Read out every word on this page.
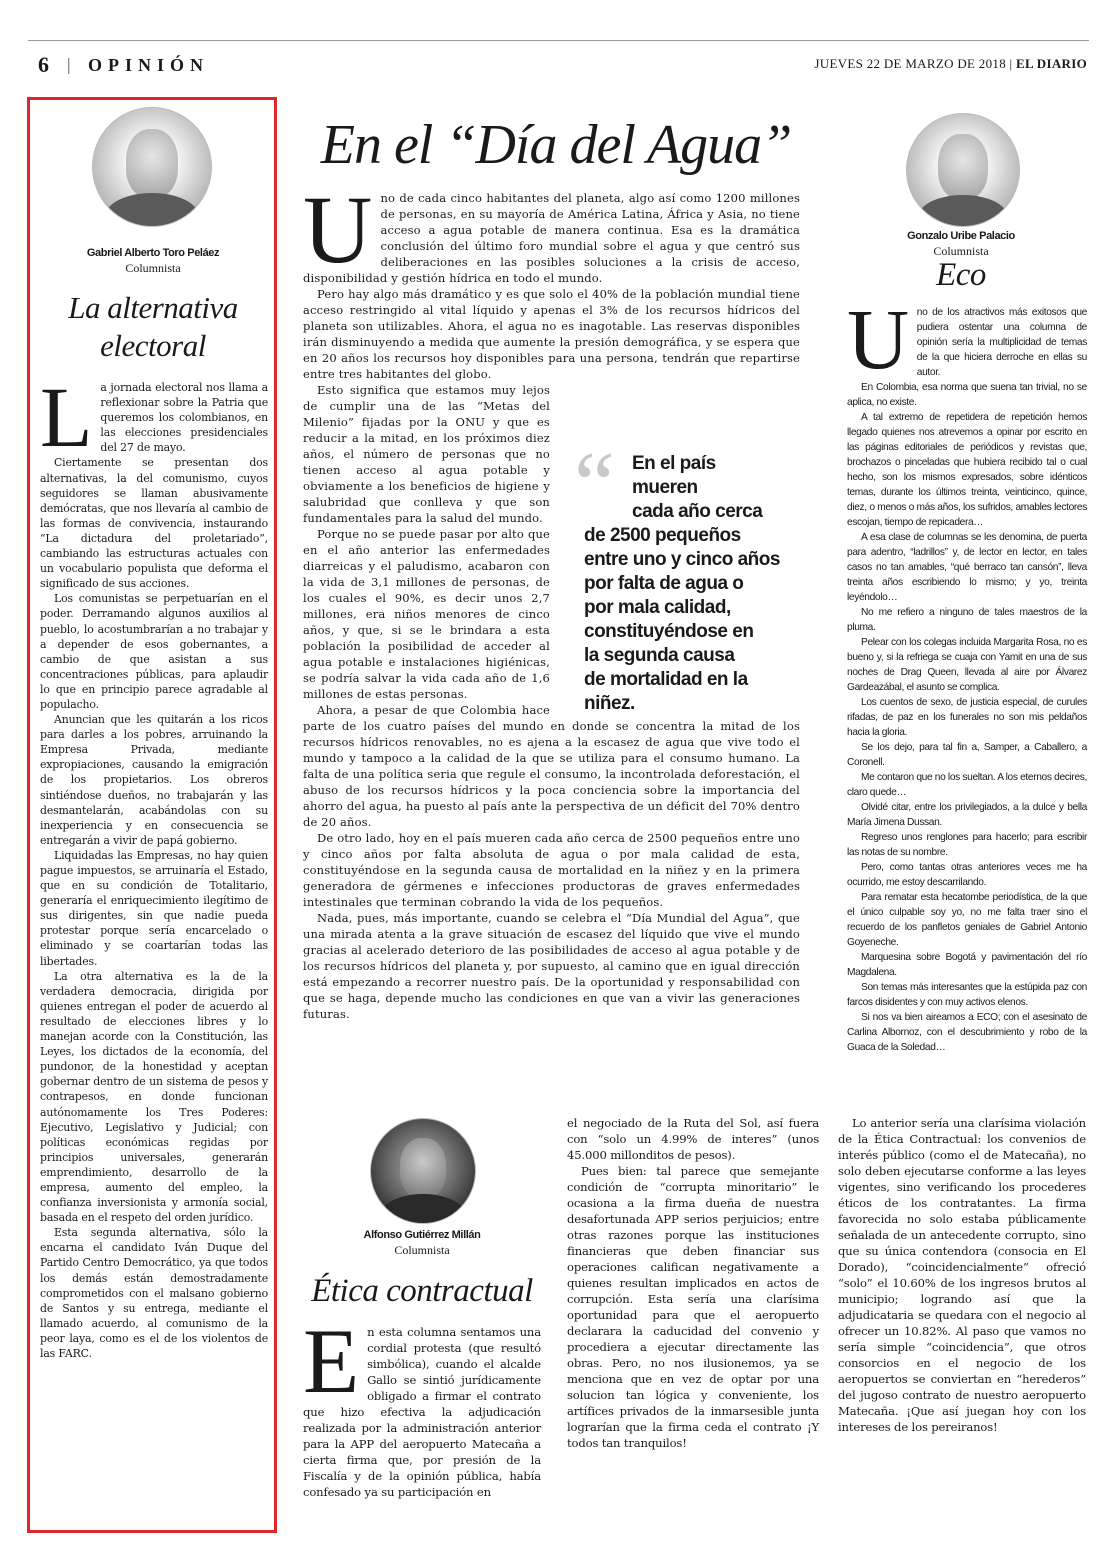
6 | OPINIÓN	JUEVES 22 DE MARZO DE 2018 | EL DIARIO
Gabriel Alberto Toro Peláez
Columnista
La alternativa
electoral

La jornada electoral nos llama a reflexionar sobre la Patria que queremos los colombianos, en las elecciones presidenciales del 27 de mayo.

Ciertamente se presentan dos alternativas, la del comunismo, cuyos seguidores se llaman abusivamente demócratas, que nos llevaría al cambio de las formas de convivencia, instaurando “La dictadura del proletariado”, cambiando las estructuras actuales con un vocabulario populista que deforma el significado de sus acciones.

Los comunistas se perpetuarían en el poder. Derramando algunos auxilios al pueblo, lo acostumbrarían a no trabajar y a depender de esos gobernantes, a cambio de que asistan a sus concentraciones públicas, para aplaudir lo que en principio parece agradable al populacho.

Anuncian que les quitarán a los ricos para darles a los pobres, arruinando la Empresa Privada, mediante expropiaciones, causando la emigración de los propietarios. Los obreros sintiéndose dueños, no trabajarán y las desmantelarán, acabándolas con su inexperiencia y en consecuencia se entregarán a vivir de papá gobierno.

Liquidadas las Empresas, no hay quien pague impuestos, se arruinaría el Estado, que en su condición de Totalitario, generaría el enriquecimiento ilegítimo de sus dirigentes, sin que nadie pueda protestar porque sería encarcelado o eliminado y se coartarían todas las libertades.

La otra alternativa es la de la verdadera democracia, dirigida por quienes entregan el poder de acuerdo al resultado de elecciones libres y lo manejan acorde con la Constitución, las Leyes, los dictados de la economía, del pundonor, de la honestidad y aceptan gobernar dentro de un sistema de pesos y contrapesos, en donde funcionan autónomamente los Tres Poderes: Ejecutivo, Legislativo y Judicial; con políticas económicas regidas por principios universales, generarán emprendimiento, desarrollo de la empresa, aumento del empleo, la confianza inversionista y armonía social, basada en el respeto del orden jurídico.

Esta segunda alternativa, sólo la encarna el candidato Iván Duque del Partido Centro Democrático, ya que todos los demás están demostradamente comprometidos con el malsano gobierno de Santos y su entrega, mediante el llamado acuerdo, al comunismo de la peor laya, como es el de los violentos de las FARC.

En el “Día del Agua”
“ En el país mueren
cada año cerca
de 2500 pequeños
entre uno y cinco años
por falta de agua o
por mala calidad,
constituyéndose en
la segunda causa
de mortalidad en la
niñez.

Uno de cada cinco habitantes del planeta, algo así como 1200 millones de personas, en su mayoría de América Latina, África y Asia, no tiene acceso a agua potable de manera continua. Esa es la dramática conclusión del último foro mundial sobre el agua y que centró sus deliberaciones en las posibles soluciones a la crisis de acceso, disponibilidad y gestión hídrica en todo el mundo.

Pero hay algo más dramático y es que solo el 40% de la población mundial tiene acceso restringido al vital líquido y apenas el 3% de los recursos hídricos del planeta son utilizables. Ahora, el agua no es inagotable. Las reservas disponibles irán disminuyendo a medida que aumente la presión demográfica, y se espera que en 20 años los recursos hoy disponibles para una persona, tendrán que repartirse entre tres habitantes del globo.

Esto significa que estamos muy lejos de cumplir una de las “Metas del Milenio” fijadas por la ONU y que es reducir a la mitad, en los próximos diez años, el número de personas que no tienen acceso al agua potable y obviamente a los beneficios de higiene y salubridad que conlleva y que son fundamentales para la salud del mundo.

Porque no se puede pasar por alto que en el año anterior las enfermedades diarreicas y el paludismo, acabaron con la vida de 3,1 millones de personas, de los cuales el 90%, es decir unos 2,7 millones, era niños menores de cinco años, y que, si se le brindara a esta población la posibilidad de acceder al agua potable e instalaciones higiénicas, se podría salvar la vida cada año de 1,6 millones de estas personas.

Ahora, a pesar de que Colombia hace parte de los cuatro países del mundo en donde se concentra la mitad de los recursos hídricos renovables, no es ajena a la escasez de agua que vive todo el mundo y tampoco a la calidad de la que se utiliza para el consumo humano. La falta de una política seria que regule el consumo, la incontrolada deforestación, el abuso de los recursos hídricos y la poca conciencia sobre la importancia del ahorro del agua, ha puesto al país ante la perspectiva de un déficit del 70% dentro de 20 años.

De otro lado, hoy en el país mueren cada año cerca de 2500 pequeños entre uno y cinco años por falta absoluta de agua o por mala calidad de esta, constituyéndose en la segunda causa de mortalidad en la niñez y en la primera generadora de gérmenes e infecciones productoras de graves enfermedades intestinales que terminan cobrando la vida de los pequeños.

Nada, pues, más importante, cuando se celebra el “Día Mundial del Agua”, que una mirada atenta a la grave situación de escasez del líquido que vive el mundo gracias al acelerado deterioro de las posibilidades de acceso al agua potable y de los recursos hídricos del planeta y, por supuesto, al camino que en igual dirección está empezando a recorrer nuestro país. De la oportunidad y responsabilidad con que se haga, depende mucho las condiciones en que van a vivir las generaciones futuras.

Gonzalo Uribe Palacio
Columnista
Eco

Uno de los atractivos más exitosos que pudiera ostentar una columna de opinión sería la multiplicidad de temas de la que hiciera derroche en ellas su autor.

En Colombia, esa norma que suena tan trivial, no se aplica, no existe.

A tal extremo de repetidera de repetición hemos llegado quienes nos atrevemos a opinar por escrito en las páginas editoriales de periódicos y revistas que, brochazos o pinceladas que hubiera recibido tal o cual hecho, son los mismos expresados, sobre idénticos temas, durante los últimos treinta, veinticinco, quince, diez, o menos o más años, los sufridos, amables lectores escojan, tiempo de repicadera…

A esa clase de columnas se les denomina, de puerta para adentro, “ladrillos” y, de lector en lector, en tales casos no tan amables, “qué berraco tan cansón”, lleva treinta años escribiendo lo mismo; y yo, treinta leyéndolo…

No me refiero a ninguno de tales maestros de la pluma.

Pelear con los colegas incluida Margarita Rosa, no es bueno y, si la refriega se cuaja con Yamit en una de sus noches de Drag Queen, llevada al aire por Álvarez Gardeazábal, el asunto se complica.

Los cuentos de sexo, de justicia especial, de curules rifadas, de paz en los funerales no son mis peldaños hacia la gloria.

Se los dejo, para tal fin a, Samper, a Caballero, a Coronell.

Me contaron que no los sueltan. A los eternos decires, claro quede…

Olvidé citar, entre los privilegiados, a la dulce y bella María Jimena Dussan.

Regreso unos renglones para hacerlo; para escribir las notas de su nombre.

Pero, como tantas otras anteriores veces me ha ocurrido, me estoy descarrilando.

Para rematar esta hecatombe periodística, de la que el único culpable soy yo, no me falta traer sino el recuerdo de los panfletos geniales de Gabriel Antonio Goyeneche.

Marquesina sobre Bogotá y pavimentación del río Magdalena.

Son temas más interesantes que la estúpida paz con farcos disidentes y con muy activos elenos.

Si nos va bien aireamos a ECO; con el asesinato de Carlina Albornoz, con el descubrimiento y robo de la Guaca de la Soledad…

Alfonso Gutiérrez Millán
Columnista
Ética contractual

En esta columna sentamos una cordial protesta (que resultó simbólica), cuando el alcalde Gallo se sintió jurídicamente obligado a firmar el contrato que hizo efectiva la adjudicación realizada por la administración anterior para la APP del aeropuerto Matecaña a cierta firma que, por presión de la Fiscalía y de la opinión pública, había confesado ya su participación en

el negociado de la Ruta del Sol, así fuera con “solo un 4.99% de interes” (unos 45.000 millonditos de pesos).

Pues bien: tal parece que semejante condición de “corrupta minoritario” le ocasiona a la firma dueña de nuestra desafortunada APP serios perjuicios; entre otras razones porque las instituciones financieras que deben financiar sus operaciones califican negativamente a quienes resultan implicados en actos de corrupción. Esta sería una clarísima oportunidad para que el aeropuerto declarara la caducidad del convenio y procediera a ejecutar directamente las obras. Pero, no nos ilusionemos, ya se menciona que en vez de optar por una solucion tan lógica y conveniente, los artífices privados de la inmarsesible junta lograrían que la firma ceda el contrato ¡Y todos tan tranquilos!

Lo anterior sería una clarísima violación de la Ética Contractual: los convenios de interés público (como el de Matecaña), no solo deben ejecutarse conforme a las leyes vigentes, sino verificando los procederes éticos de los contratantes. La firma favorecida no solo estaba públicamente señalada de un antecedente corrupto, sino que su única contendora (consocia en El Dorado), “coincidencialmente” ofreció “solo” el 10.60% de los ingresos brutos al municipio; logrando así que la adjudicataria se quedara con el negocio al ofrecer un 10.82%. Al paso que vamos no sería simple “coincidencia”, que otros consorcios en el negocio de los aeropuertos se conviertan en “herederos” del jugoso contrato de nuestro aeropuerto Matecaña. ¡Que así juegan hoy con los intereses de los pereiranos!
